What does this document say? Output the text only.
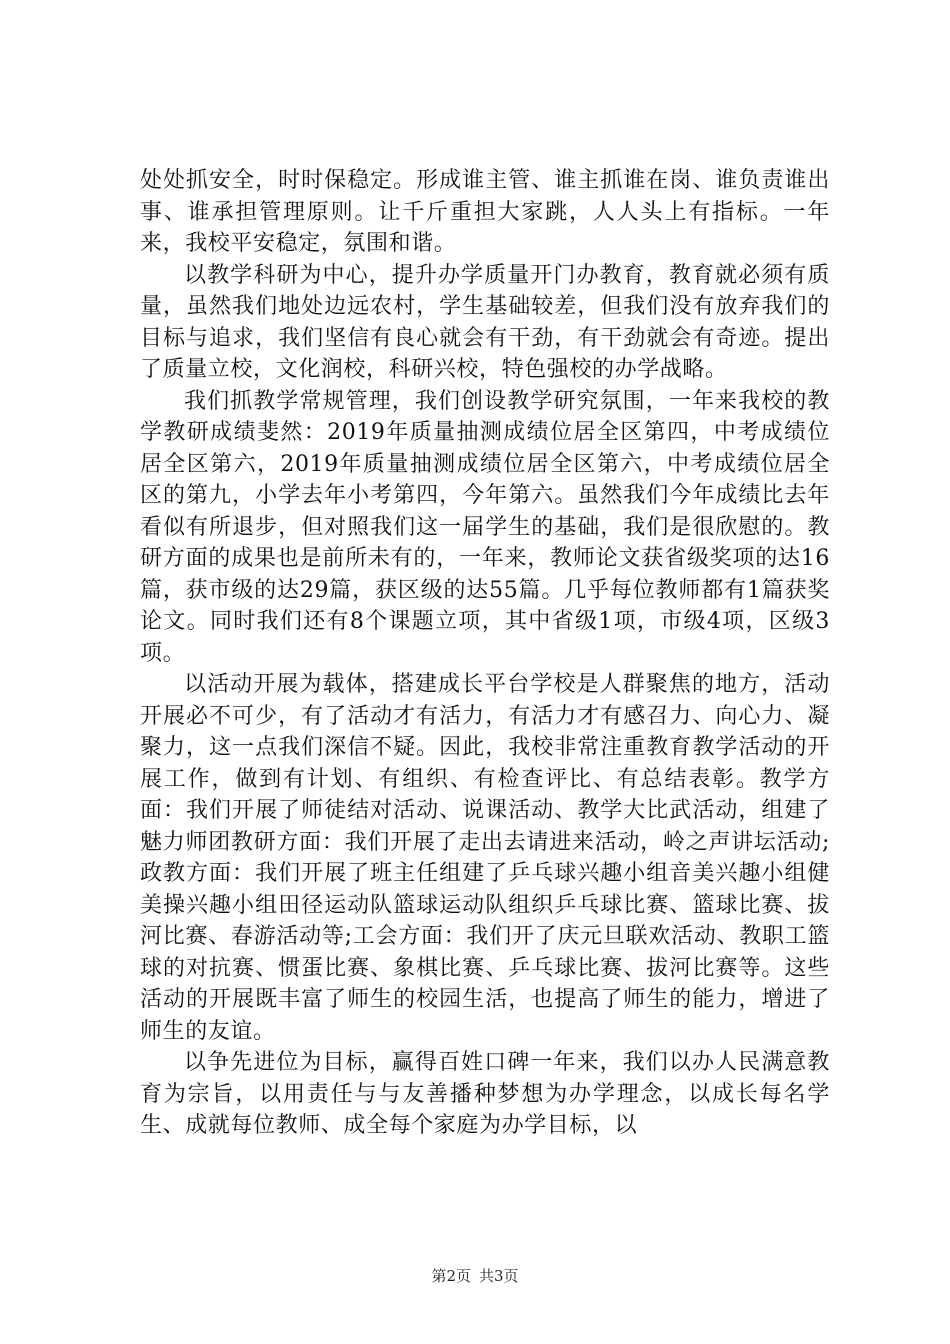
处处抓安全，时时保稳定。形成谁主管、谁主抓谁在岗、谁负责谁出事、谁承担管理原则。让千斤重担大家跳，人人头上有指标。一年来，我校平安稳定，氛围和谐。

以教学科研为中心，提升办学质量开门办教育，教育就必须有质量，虽然我们地处边远农村，学生基础较差，但我们没有放弃我们的目标与追求，我们坚信有良心就会有干劲，有干劲就会有奇迹。提出了质量立校，文化润校，科研兴校，特色强校的办学战略。

我们抓教学常规管理，我们创设教学研究氛围，一年来我校的教学教研成绩斐然：2019年质量抽测成绩位居全区第四，中考成绩位居全区第六，2019年质量抽测成绩位居全区第六，中考成绩位居全区的第九，小学去年小考第四，今年第六。虽然我们今年成绩比去年看似有所退步，但对照我们这一届学生的基础，我们是很欣慰的。教研方面的成果也是前所未有的，一年来，教师论文获省级奖项的达16篇，获市级的达29篇，获区级的达55篇。几乎每位教师都有1篇获奖论文。同时我们还有8个课题立项，其中省级1项，市级4项，区级3项。

以活动开展为载体，搭建成长平台学校是人群聚焦的地方，活动开展必不可少，有了活动才有活力，有活力才有感召力、向心力、凝聚力，这一点我们深信不疑。因此，我校非常注重教育教学活动的开展工作，做到有计划、有组织、有检查评比、有总结表彰。教学方面：我们开展了师徒结对活动、说课活动、教学大比武活动，组建了魅力师团教研方面：我们开展了走出去请进来活动，岭之声讲坛活动;政教方面：我们开展了班主任组建了乒乓球兴趣小组音美兴趣小组健美操兴趣小组田径运动队篮球运动队组织乒乓球比赛、篮球比赛、拔河比赛、春游活动等;工会方面：我们开了庆元旦联欢活动、教职工篮球的对抗赛、惯蛋比赛、象棋比赛、乒乓球比赛、拔河比赛等。这些活动的开展既丰富了师生的校园生活，也提高了师生的能力，增进了师生的友谊。

以争先进位为目标，赢得百姓口碑一年来，我们以办人民满意教育为宗旨，以用责任与与友善播种梦想为办学理念，以成长每名学生、成就每位教师、成全每个家庭为办学目标，以

第2页 共3页
